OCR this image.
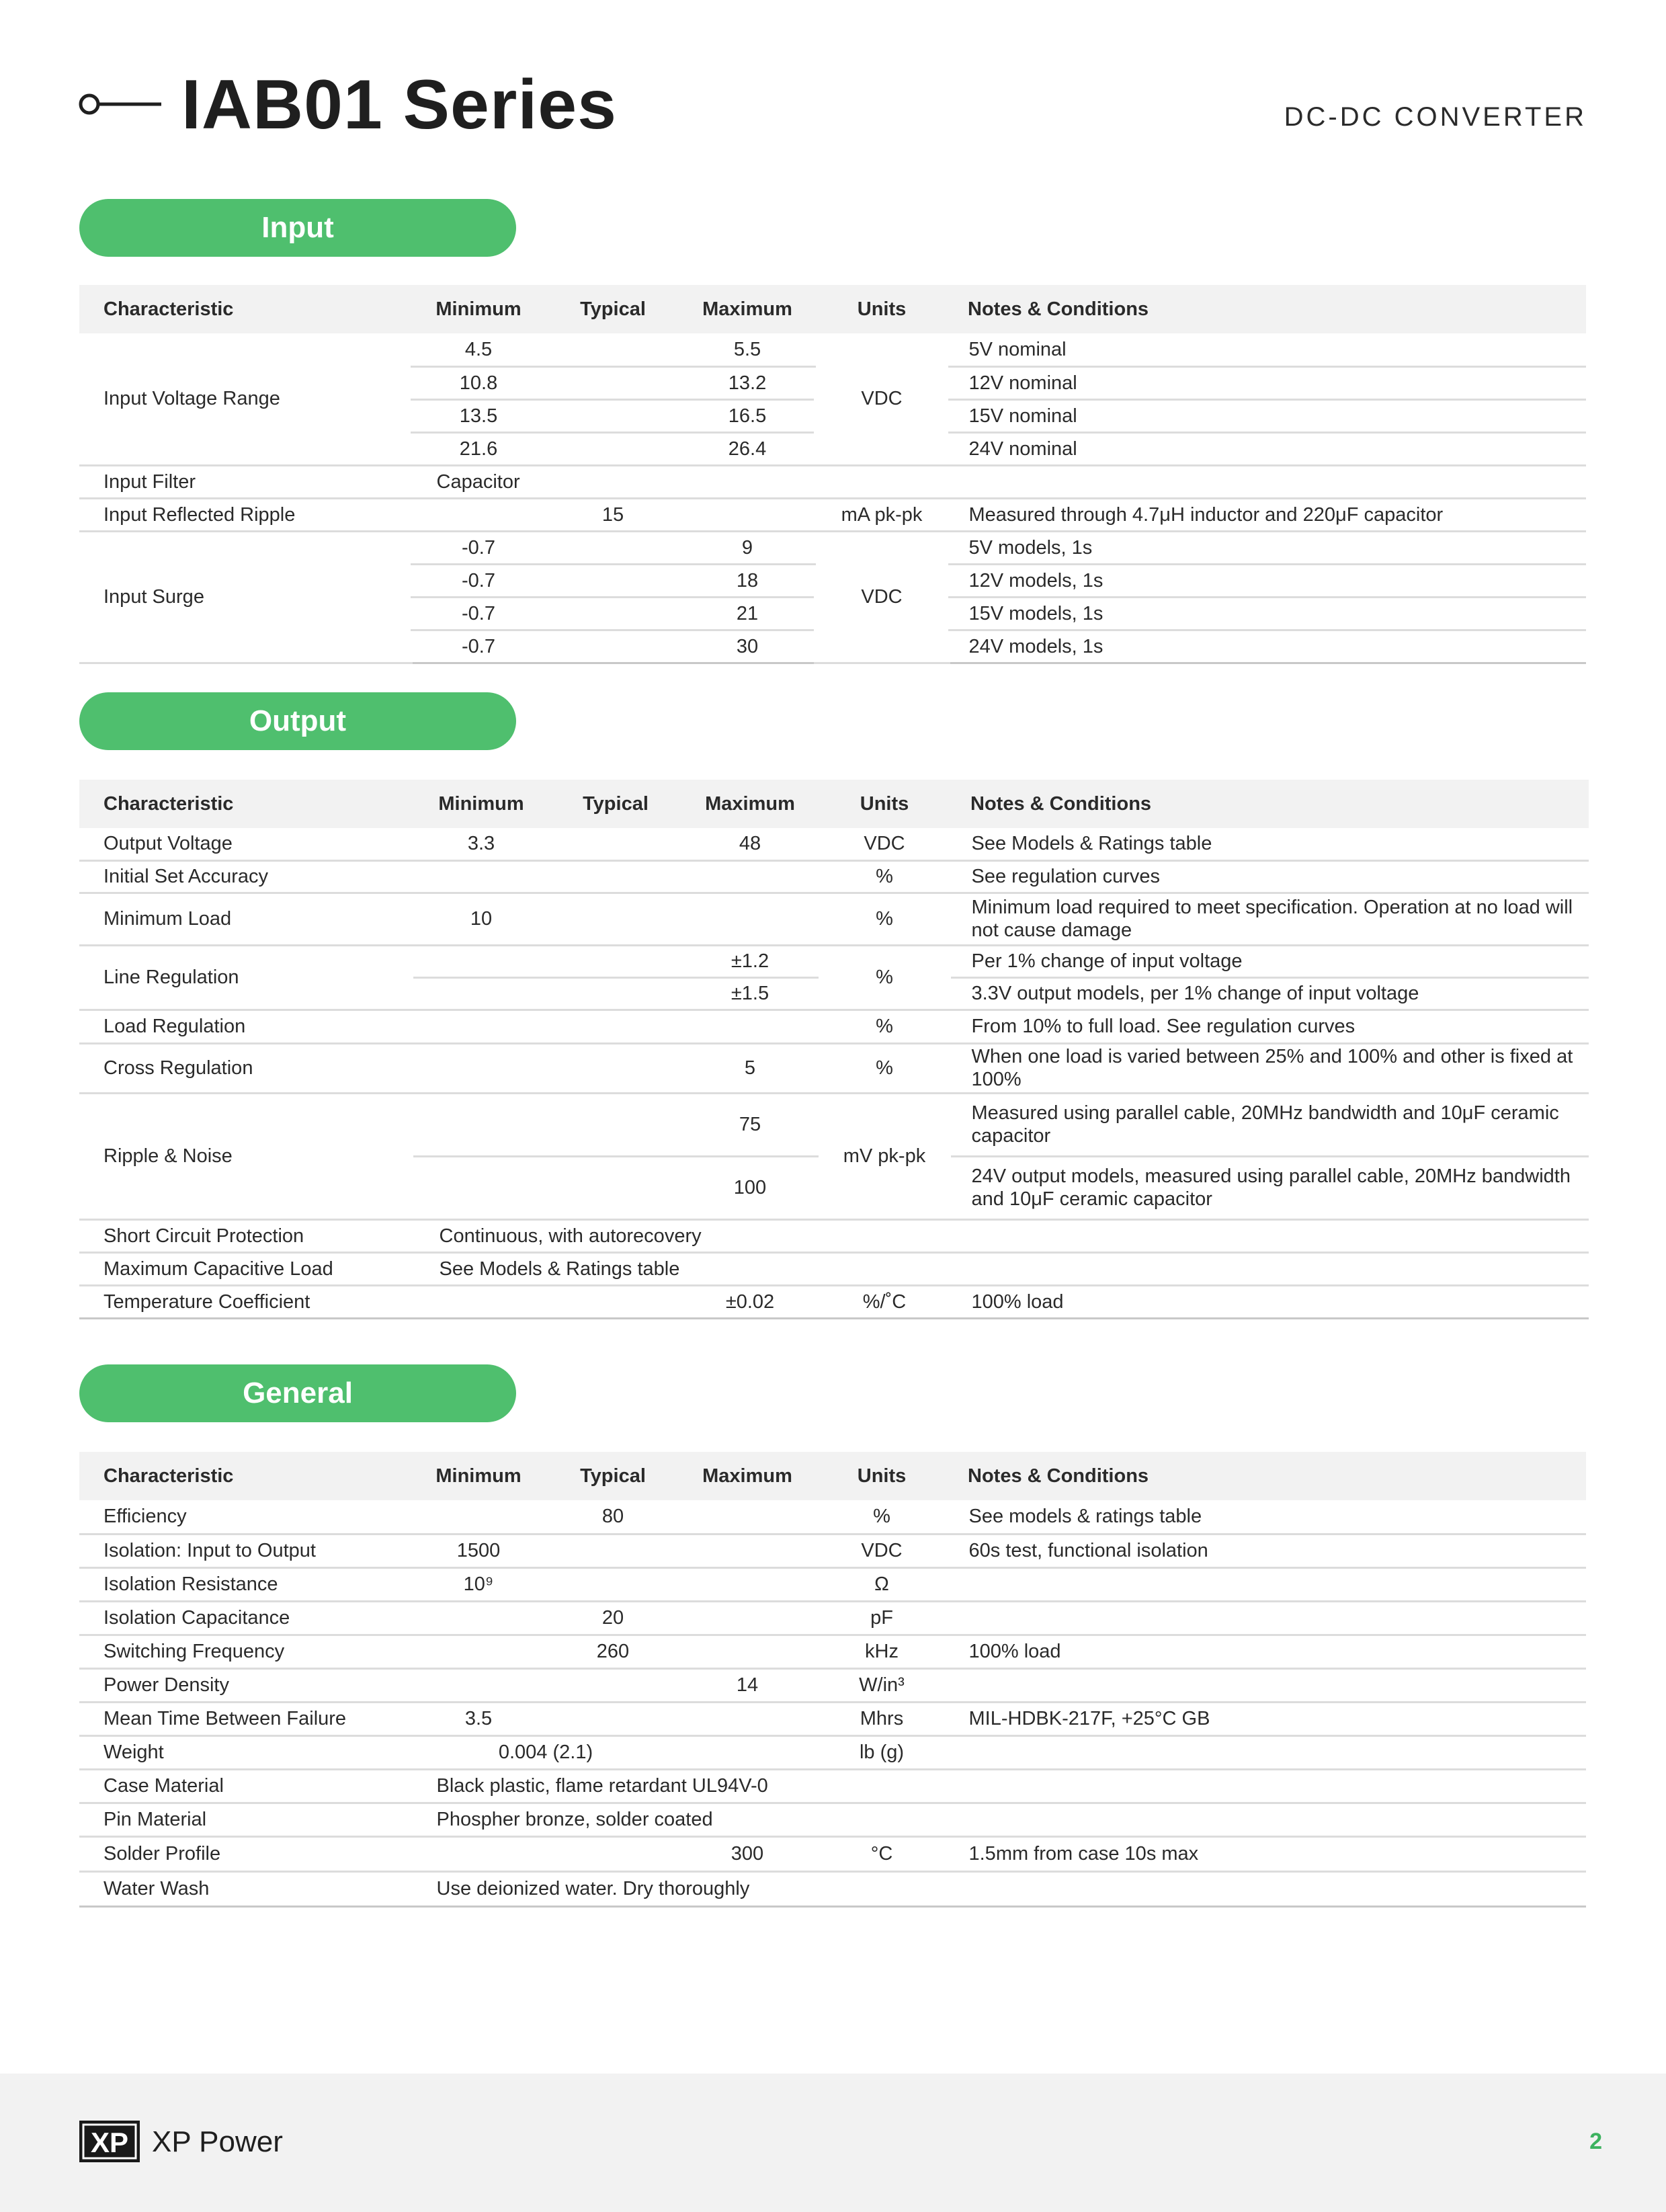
IAB01 Series	DC-DC CONVERTER
Input
Characteristic	Minimum	Typical	Maximum	Units	Notes & Conditions
Input Voltage Range	4.5		5.5	VDC	5V nominal
	10.8		13.2		12V nominal
	13.5		16.5		15V nominal
	21.6		26.4		24V nominal
Input Filter	Capacitor				
Input Reflected Ripple		15		mA pk-pk	Measured through 4.7μH inductor and 220μF capacitor
Input Surge	-0.7		9	VDC	5V models, 1s
	-0.7		18		12V models, 1s
	-0.7		21		15V models, 1s
	-0.7		30		24V models, 1s
Output
Characteristic	Minimum	Typical	Maximum	Units	Notes & Conditions
Output Voltage	3.3		48	VDC	See Models & Ratings table
Initial Set Accuracy				%	See regulation curves
Minimum Load	10			%	Minimum load required to meet specification. Operation at no load will not cause damage
Line Regulation			±1.2	%	Per 1% change of input voltage
			±1.5		3.3V output models, per 1% change of input voltage
Load Regulation				%	From 10% to full load. See regulation curves
Cross Regulation			5	%	When one load is varied between 25% and 100% and other is fixed at 100%
Ripple & Noise			75	mV pk-pk	Measured using parallel cable, 20MHz bandwidth and 10μF ceramic capacitor
			100		24V output models, measured using parallel cable, 20MHz bandwidth and 10μF ceramic capacitor
Short Circuit Protection	Continuous, with autorecovery				
Maximum Capacitive Load	See Models & Ratings table				
Temperature Coefficient			±0.02	%/˚C	100% load
General
Characteristic	Minimum	Typical	Maximum	Units	Notes & Conditions
Efficiency		80		%	See models & ratings table
Isolation: Input to Output	1500			VDC	60s test, functional isolation
Isolation Resistance	10⁹			Ω	
Isolation Capacitance		20		pF	
Switching Frequency		260		kHz	100% load
Power Density			14	W/in³	
Mean Time Between Failure	3.5			Mhrs	MIL-HDBK-217F, +25°C GB
Weight	0.004 (2.1)			lb (g)	
Case Material	Black plastic, flame retardant UL94V-0				
Pin Material	Phospher bronze, solder coated				
Solder Profile			300	°C	1.5mm from case 10s max
Water Wash	Use deionized water. Dry thoroughly				
XP XP Power	2
